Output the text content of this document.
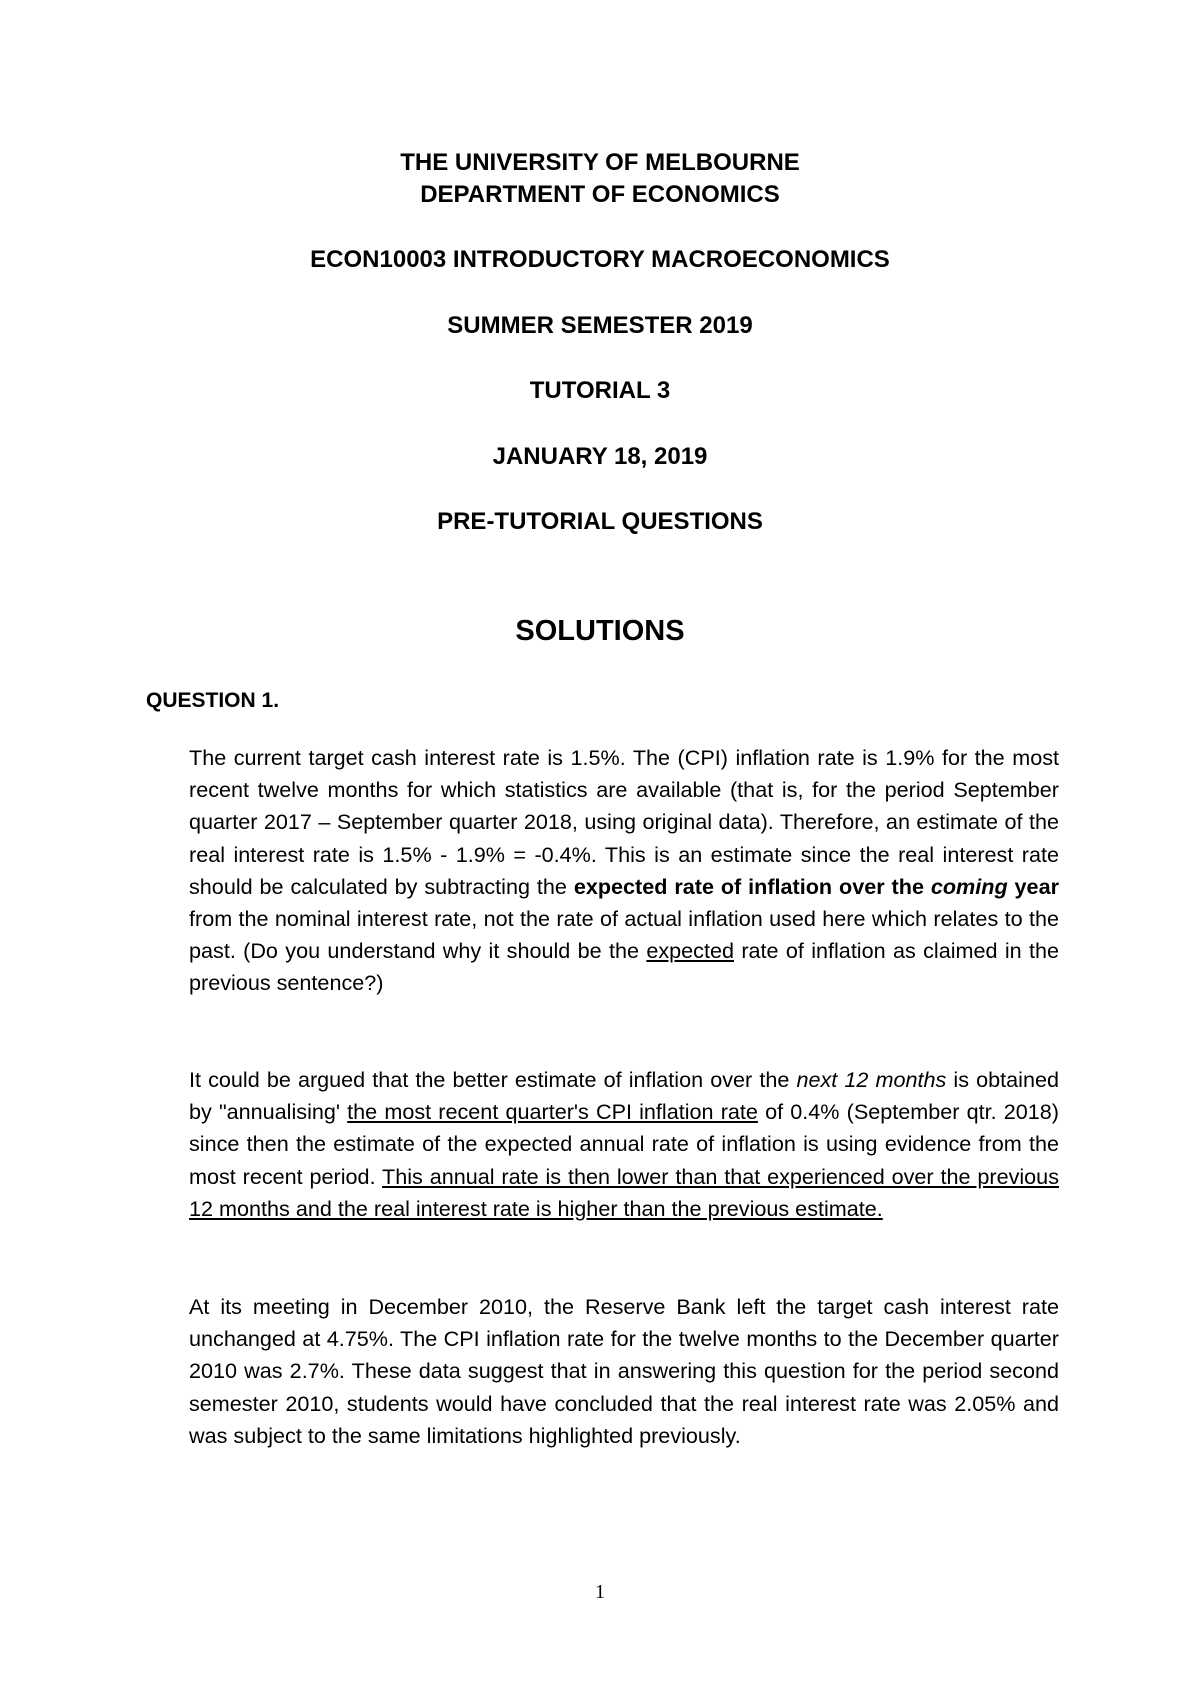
THE UNIVERSITY OF MELBOURNE
DEPARTMENT OF ECONOMICS
ECON10003 INTRODUCTORY MACROECONOMICS
SUMMER SEMESTER 2019
TUTORIAL 3
JANUARY 18, 2019
PRE-TUTORIAL QUESTIONS
SOLUTIONS
QUESTION 1.
The current target cash interest rate is 1.5%. The (CPI) inflation rate is 1.9% for the most recent twelve months for which statistics are available (that is, for the period September quarter 2017 – September quarter 2018, using original data). Therefore, an estimate of the real interest rate is 1.5% - 1.9% = -0.4%. This is an estimate since the real interest rate should be calculated by subtracting the expected rate of inflation over the coming year from the nominal interest rate, not the rate of actual inflation used here which relates to the past. (Do you understand why it should be the expected rate of inflation as claimed in the previous sentence?)
It could be argued that the better estimate of inflation over the next 12 months is obtained by "annualising' the most recent quarter's CPI inflation rate of 0.4% (September qtr. 2018) since then the estimate of the expected annual rate of inflation is using evidence from the most recent period. This annual rate is then lower than that experienced over the previous 12 months and the real interest rate is higher than the previous estimate.
At its meeting in December 2010, the Reserve Bank left the target cash interest rate unchanged at 4.75%. The CPI inflation rate for the twelve months to the December quarter 2010 was 2.7%. These data suggest that in answering this question for the period second semester 2010, students would have concluded that the real interest rate was 2.05% and was subject to the same limitations highlighted previously.
1
